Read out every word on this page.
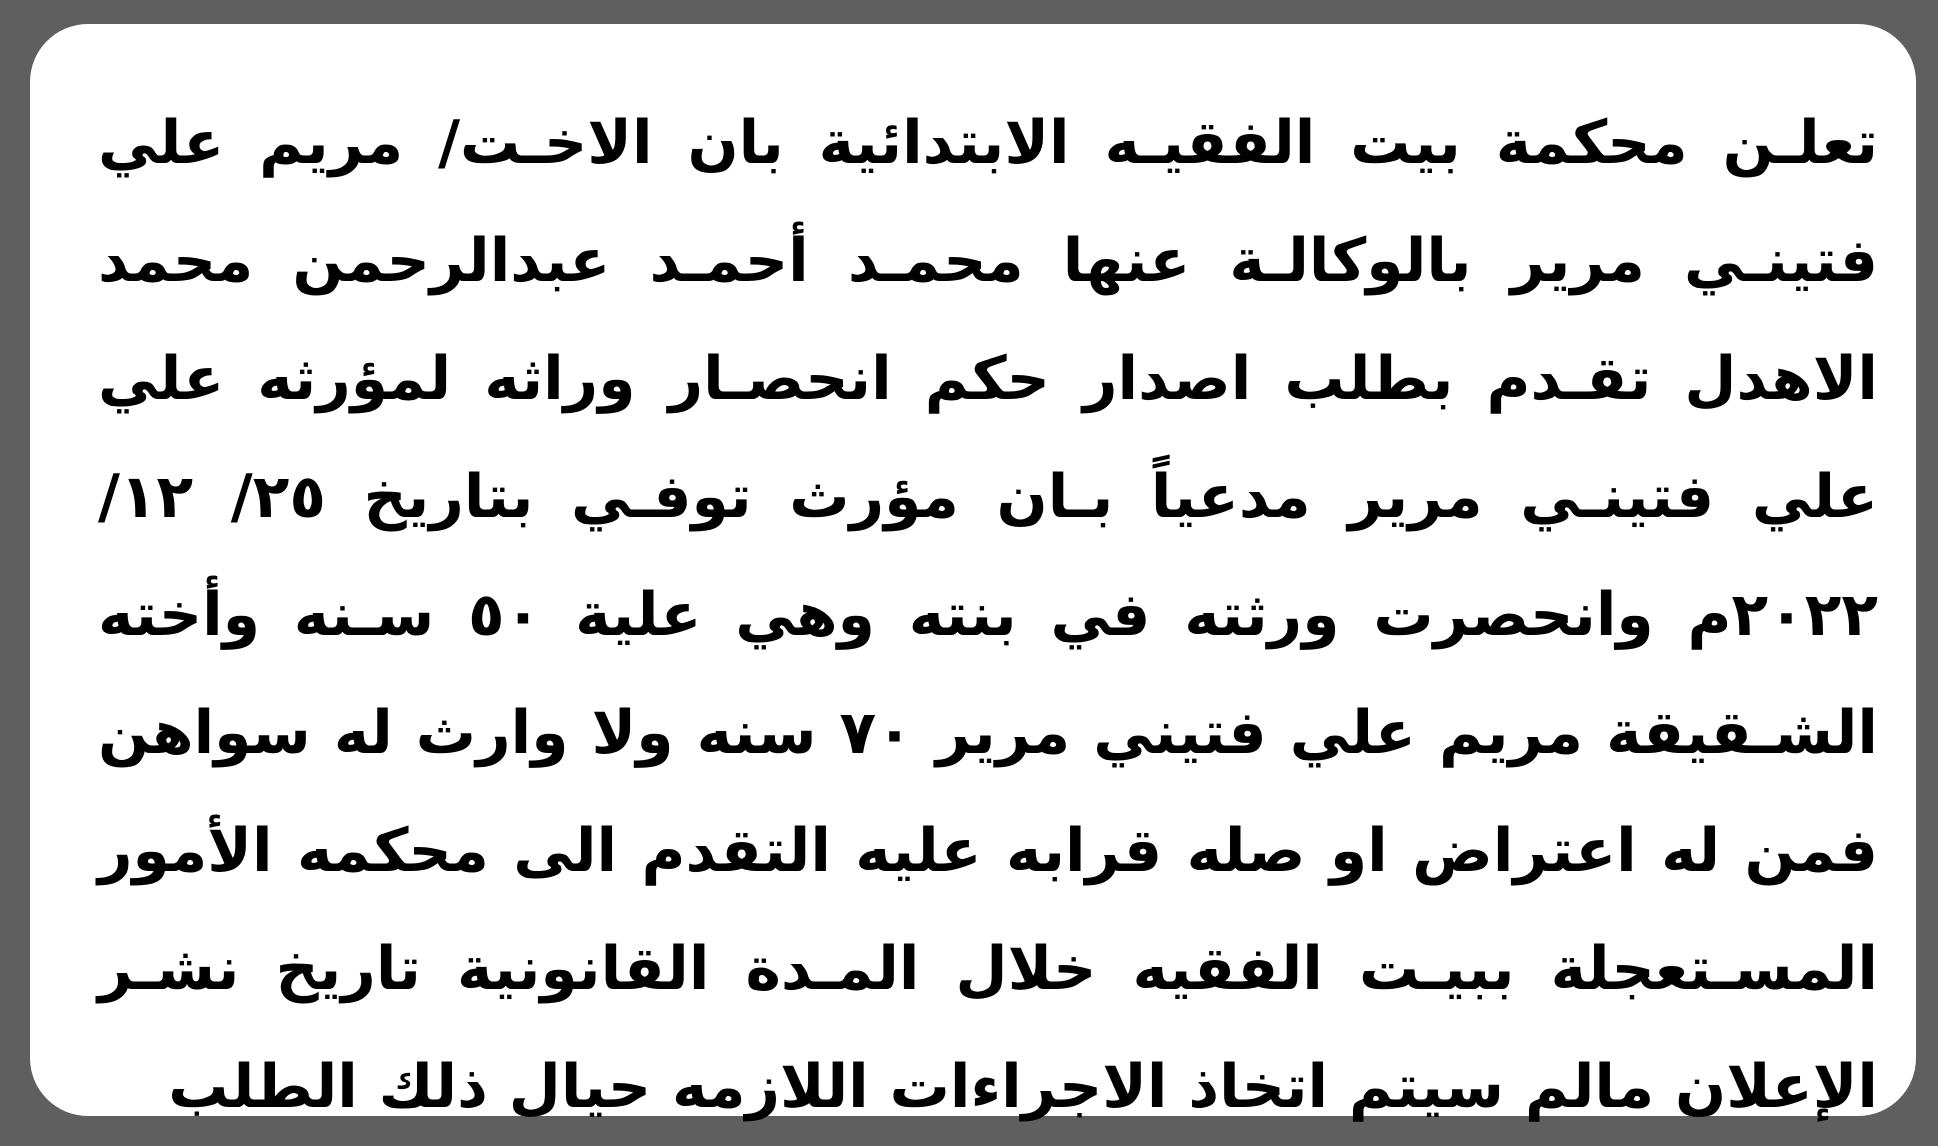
تعلـن محكمة بيت الفقيـه الابتدائية بان الاخـت/ مريم علي
فتينـي مرير بالوكالـة عنها محمـد أحمـد عبدالرحمن محمد
الاهدل تقـدم بطلب اصدار حكم انحصـار وراثه لمؤرثه علي
علي فتينـي مرير مدعياً بـان مؤرث توفـي بتاريخ ٢٥/ ١٢/
٢٠٢٢م وانحصرت ورثته في بنته وهي علية ٥٠ سـنه وأخته
الشـقيقة مريم علي فتيني مرير ٧٠ سنه ولا وارث له سواهن
فمن له اعتراض او صله قرابه عليه التقدم الى محكمه الأمور
المسـتعجلة ببيـت الفقيه خلال المـدة القانونية تاريخ نشـر
الإعلان مالم سيتم اتخاذ الاجراءات اللازمه حيال ذلك الطلب
